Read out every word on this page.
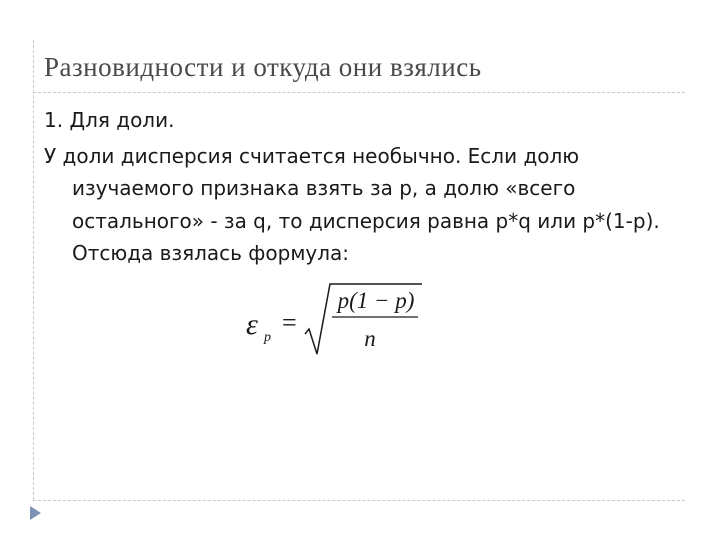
Разновидности и откуда они взялись

1. Для доли.

У доли дисперсия считается необычно. Если долю изучаемого признака взять за p, а долю «всего остального» - за q, то дисперсия равна p*q или p*(1-p). Отсюда взялась формула:

ε p
=
p(1 − p)
n
